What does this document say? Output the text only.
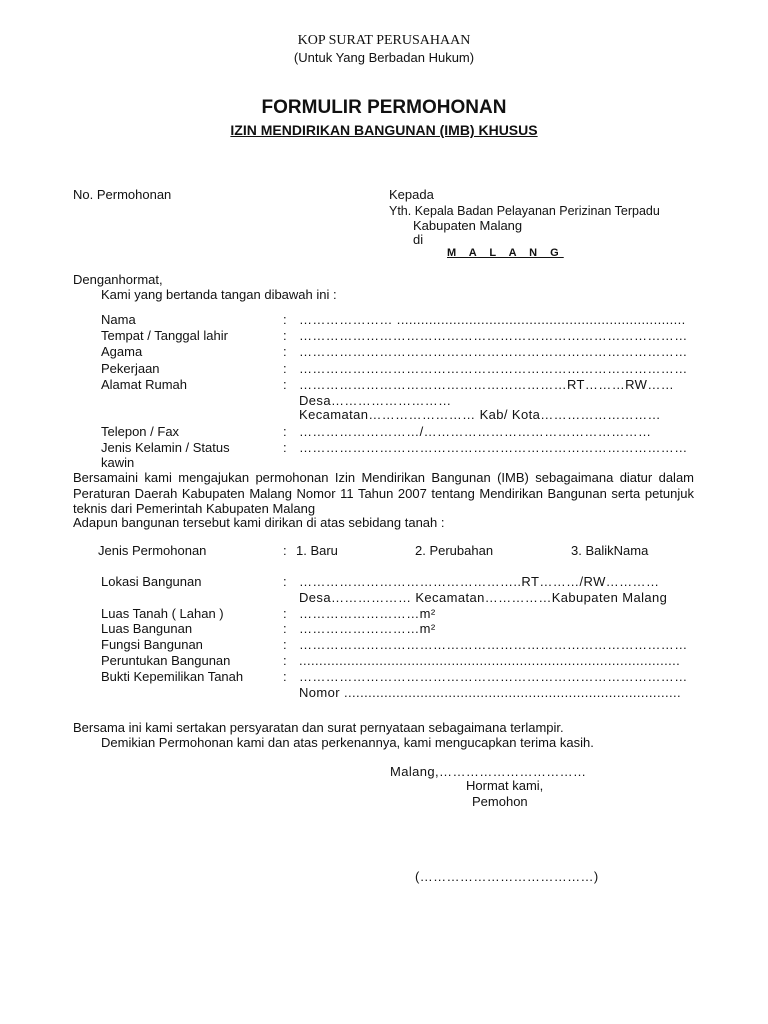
KOP SURAT PERUSAHAAN
(Untuk Yang Berbadan Hukum)
FORMULIR PERMOHONAN
IZIN MENDIRIKAN BANGUNAN (IMB) KHUSUS
No. Permohonan	Kepada
Yth. Kepala Badan Pelayanan Perizinan Terpadu
Kabupaten Malang
di
M A L A N G
Denganhormat,
Kami yang bertanda tangan dibawah ini :
Nama	………………… ........................................................................
Tempat / Tanggal lahir	……………………………………………………………………………
Agama	……………………………………………………………………………
Pekerjaan	……………………………………………………………………………
Alamat Rumah	……………………………………………………RT………RW……
Desa………………………
Kecamatan…………………… Kab/ Kota………………………
Telepon / Fax	………………………/……………………………………………
Jenis Kelamin / Status	……………………………………………………………………………
kawin
Bersamaini kami mengajukan permohonan Izin Mendirikan Bangunan (IMB) sebagaimana diatur dalam Peraturan Daerah Kabupaten Malang Nomor 11 Tahun 2007 tentang Mendirikan Bangunan serta petunjuk teknis dari Pemerintah Kabupaten Malang
Adapun bangunan tersebut kami dirikan di atas sebidang tanah :
Jenis Permohonan	: 1. Baru	2. Perubahan	3. BalikNama
Lokasi Bangunan	…………………………………………..RT………/RW…………
Desa……………… Kecamatan……………Kabupaten Malang
Luas Tanah ( Lahan )	………………………m²
Luas Bangunan	………………………m²
Fungsi Bangunan	……………………………………………………………………………
Peruntukan Bangunan	...............................................................................................
Bukti Kepemilikan Tanah	……………………………………………………………………………
Nomor ....................................................................................
Bersama ini kami sertakan persyaratan dan surat pernyataan sebagaimana terlampir.
Demikian Permohonan kami dan atas perkenannya, kami mengucapkan terima kasih.
Malang,……………………………
Hormat kami,
Pemohon
(…………………………………)
:
:
:
:
:
:
:
:
:
:
:
:
:
